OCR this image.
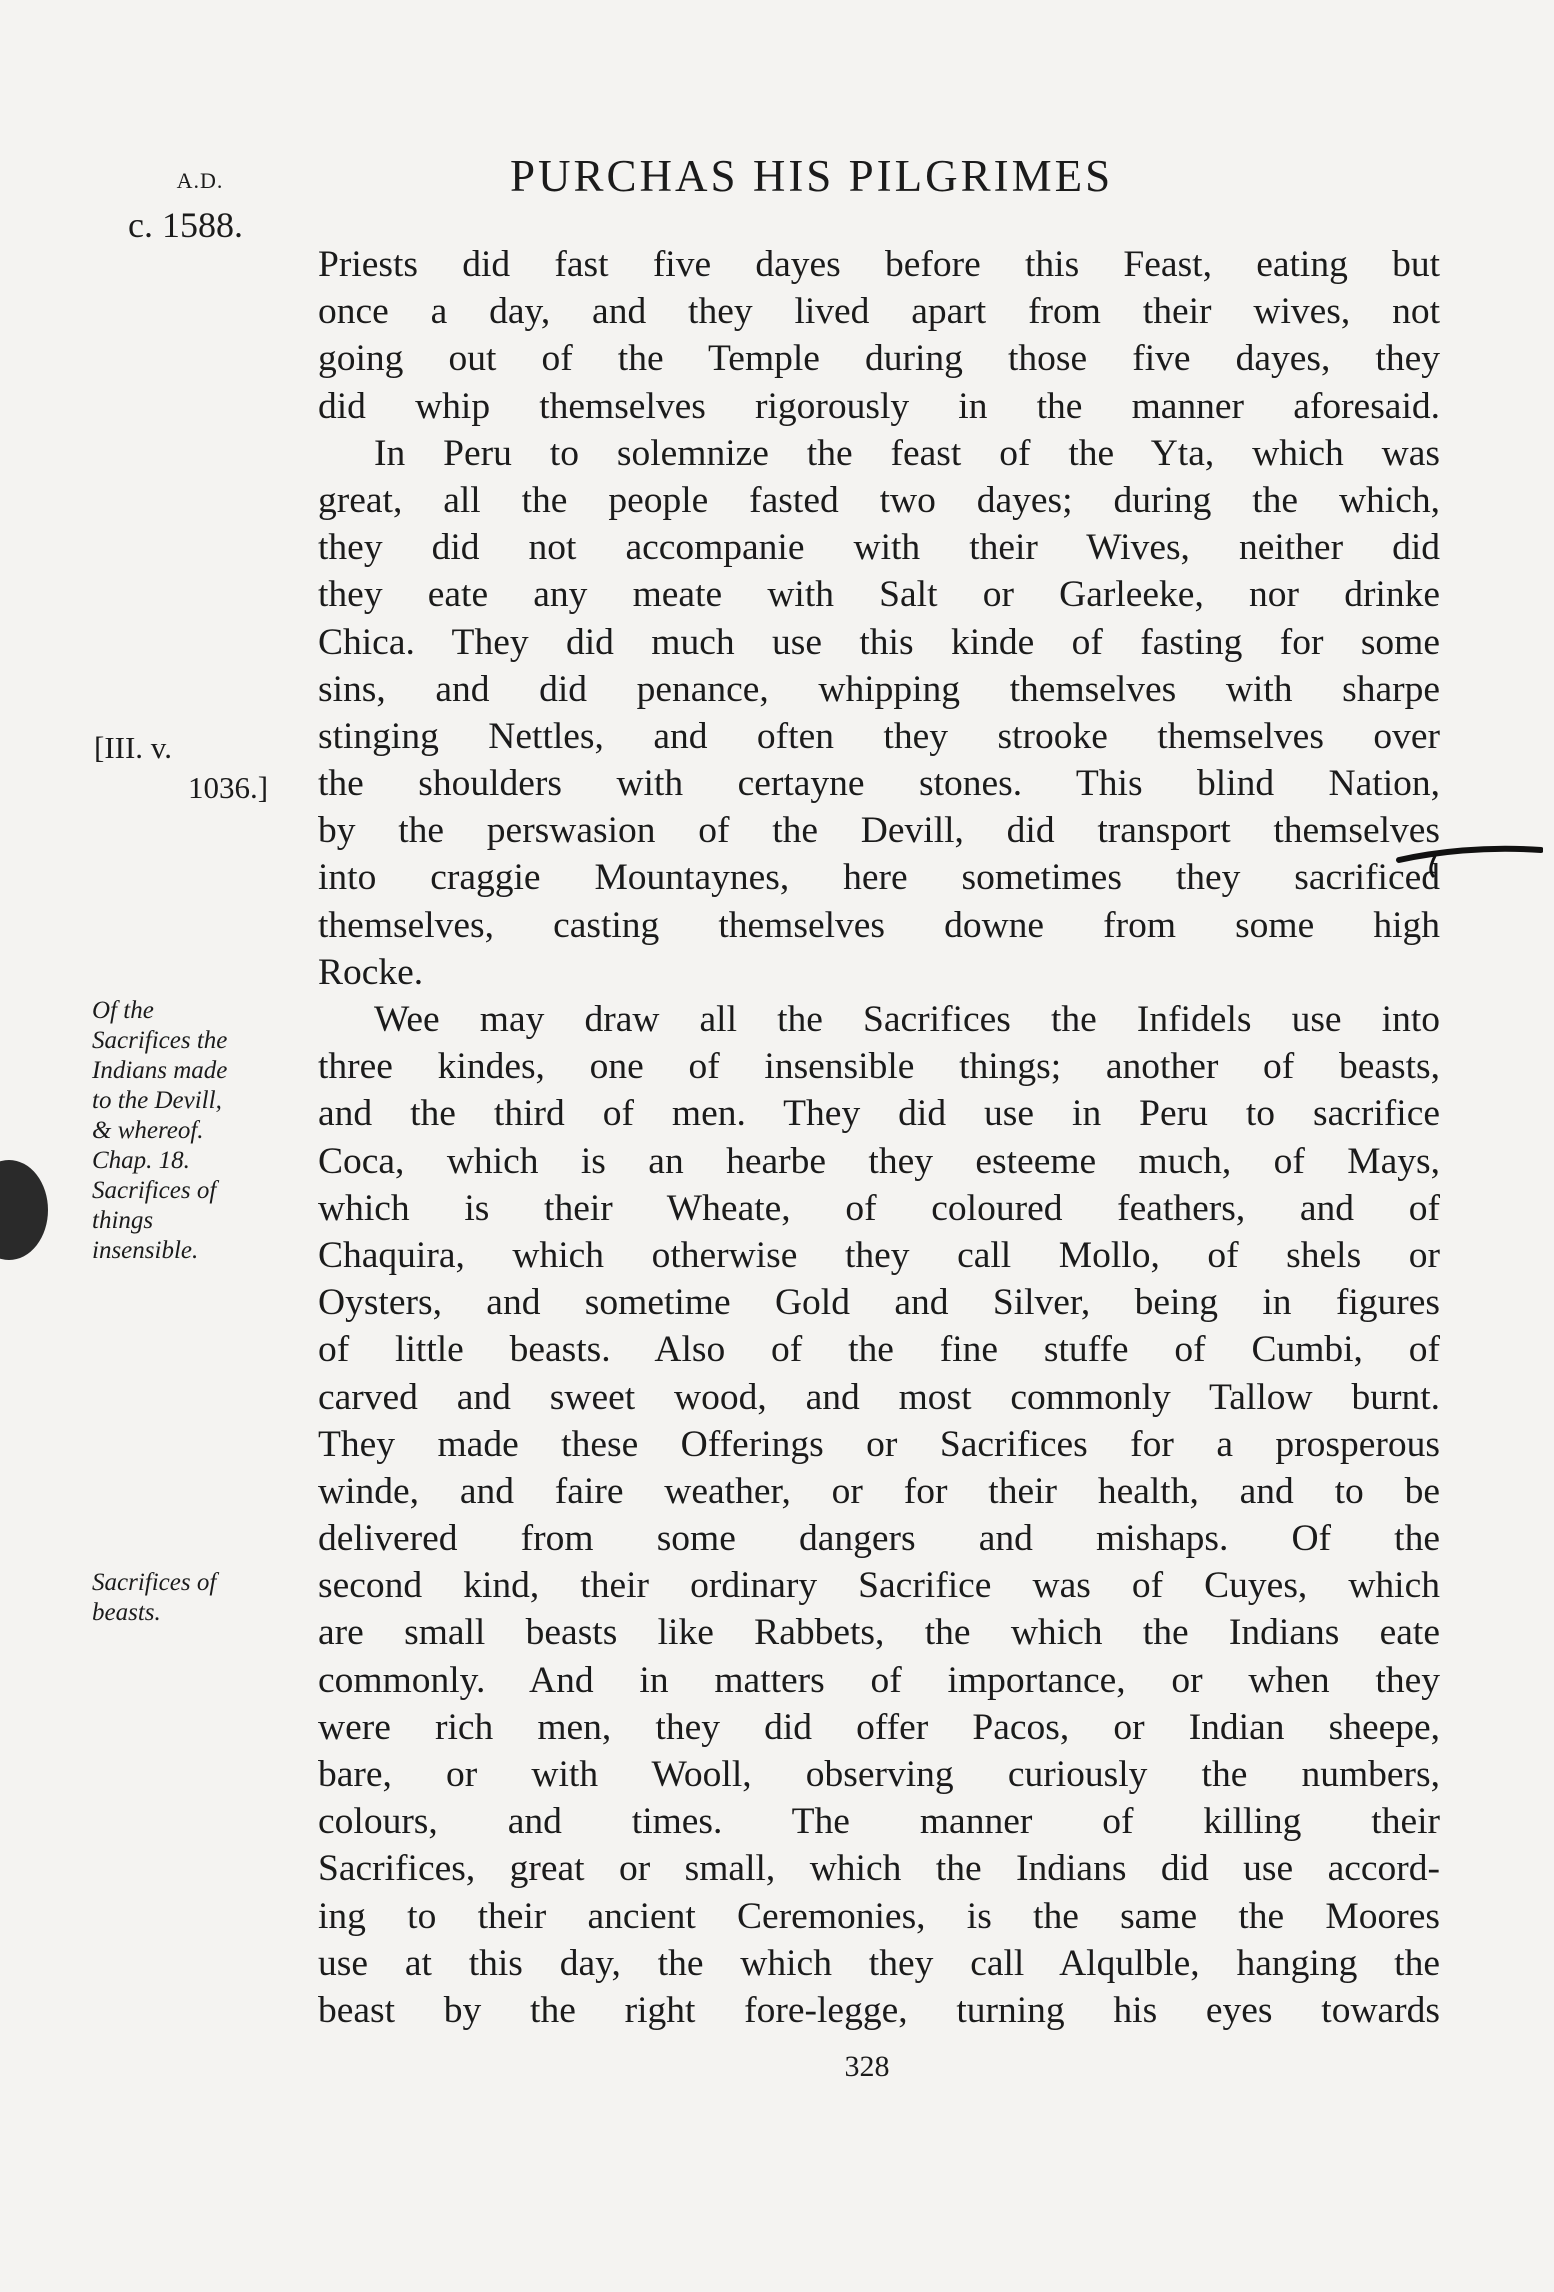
A.D.
c. 1588.
PURCHAS HIS PILGRIMES
[III. v.
1036.]
Of the
Sacrifices the
Indians made
to the Devill,
& whereof.
Chap. 18.
Sacrifices of
things
insensible.
Sacrifices of
beasts.
Priests did fast five dayes before this Feast, eating but
once a day, and they lived apart from their wives, not
going out of the Temple during those five dayes, they
did whip themselves rigorously in the manner aforesaid.
In Peru to solemnize the feast of the Yta, which was
great, all the people fasted two dayes; during the which,
they did not accompanie with their Wives, neither did
they eate any meate with Salt or Garleeke, nor drinke
Chica. They did much use this kinde of fasting for some
sins, and did penance, whipping themselves with sharpe
stinging Nettles, and often they strooke themselves over
the shoulders with certayne stones. This blind Nation,
by the perswasion of the Devill, did transport themselves
into craggie Mountaynes, here sometimes they sacrificed
themselves, casting themselves downe from some high
Rocke.
Wee may draw all the Sacrifices the Infidels use into
three kindes, one of insensible things; another of beasts,
and the third of men. They did use in Peru to sacrifice
Coca, which is an hearbe they esteeme much, of Mays,
which is their Wheate, of coloured feathers, and of
Chaquira, which otherwise they call Mollo, of shels or
Oysters, and sometime Gold and Silver, being in figures
of little beasts. Also of the fine stuffe of Cumbi, of
carved and sweet wood, and most commonly Tallow burnt.
They made these Offerings or Sacrifices for a prosperous
winde, and faire weather, or for their health, and to be
delivered from some dangers and mishaps. Of the
second kind, their ordinary Sacrifice was of Cuyes, which
are small beasts like Rabbets, the which the Indians eate
commonly. And in matters of importance, or when they
were rich men, they did offer Pacos, or Indian sheepe,
bare, or with Wooll, observing curiously the numbers,
colours, and times. The manner of killing their
Sacrifices, great or small, which the Indians did use accord-
ing to their ancient Ceremonies, is the same the Moores
use at this day, the which they call Alqulble, hanging the
beast by the right fore-legge, turning his eyes towards
328
